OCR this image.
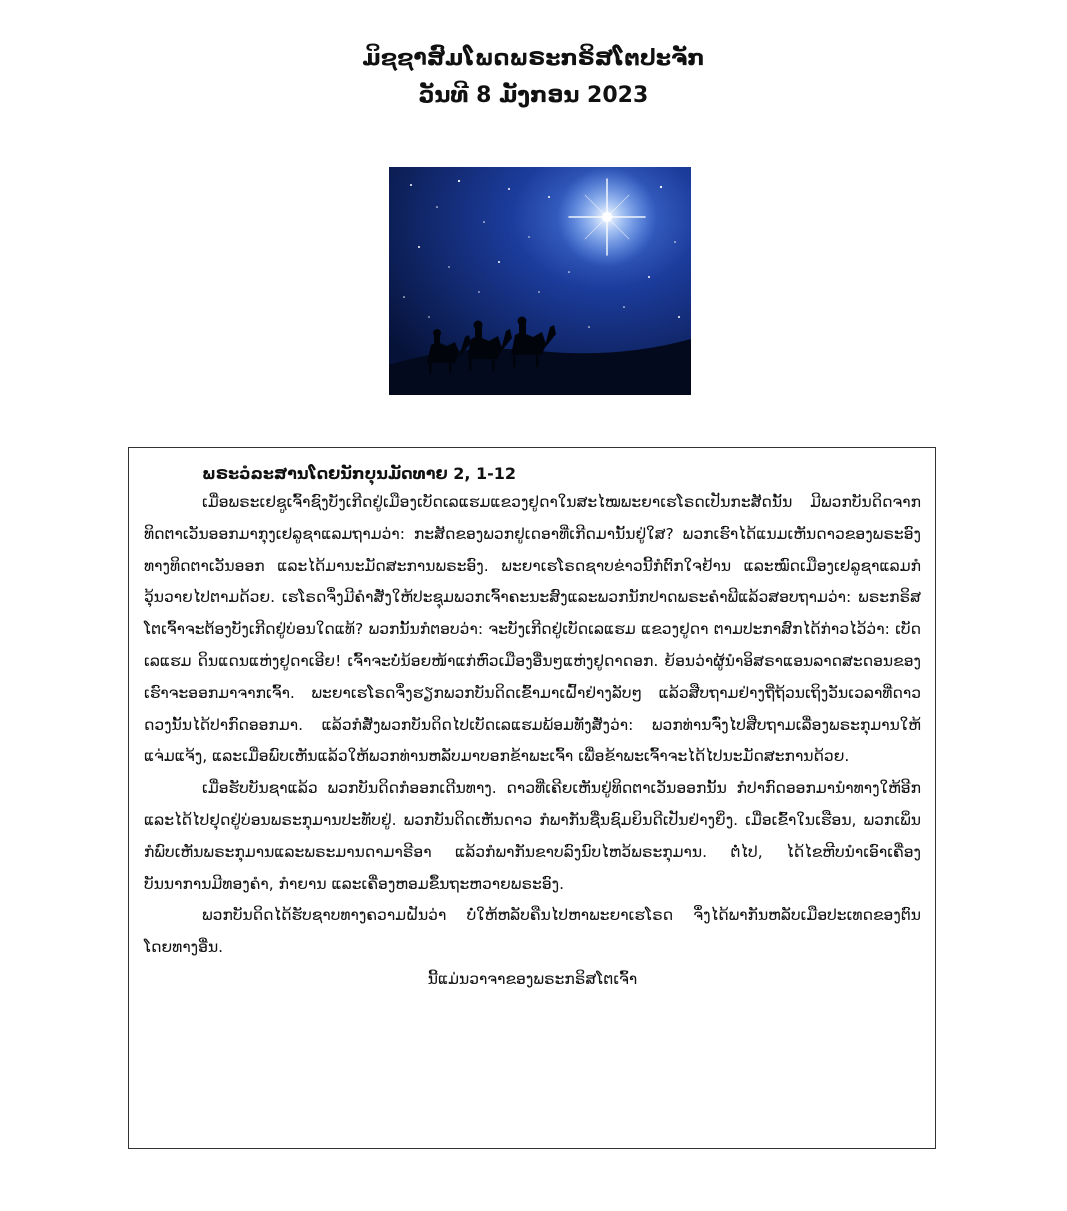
ມິຊຊາສົມໂພດພຣະກຣິສໂຕປະຈັກ
ວັນທີ 8 ມັງກອນ 2023

ພຣະວໍລະສານໂດຍນັກບຸນມັດທາຍ 2, 1-12

ເມື່ອພຣະເຢຊູເຈົ້າຊົງບັງເກີດຢູ່ເມືອງເບັດເລແຮມແຂວງຢູດາໃນສະໄໝພະຍາເຮໂຣດເປັນກະສັດນັ້ນ ມີພວກບັນດິດຈາກທິດຕາເວັນອອກມາກຸງເຢລູຊາແລມຖາມວ່າ: ກະສັດຂອງພວກຢູເດອາທີ່ເກີດມານັ້ນຢູ່ໃສ? ພວກເຮົາໄດ້ແນມເຫັນດາວຂອງພຣະອົງທາງທິດຕາເວັນອອກ ແລະໄດ້ມານະມັດສະການພຣະອົງ. ພະຍາເຮໂຣດຊາບຂ່າວນີ້ກໍຕົກໃຈຢ້ານ ແລະໝົດເມືອງເຢລູຊາແລມກໍວຸ້ນວາຍໄປຕາມດ້ວຍ. ເຮໂຣດຈຶ່ງມີຄຳສັ່ງໃຫ້ປະຊຸມພວກເຈົ້າຄະນະສົງແລະພວກນັກປາດພຣະຄຳພີແລ້ວສອບຖາມວ່າ: ພຣະກຣິສໂຕເຈົ້າຈະຕ້ອງບັງເກີດຢູ່ບ່ອນໃດແທ້? ພວກນັ້ນກໍຕອບວ່າ: ຈະບັງເກີດຢູ່ເບັດເລແຮມ ແຂວງຢູດາ ຕາມປະກາສົກໄດ້ກ່າວໄວ້ວ່າ: ເບັດເລແຮມ ດິນແດນແຫ່ງຢູດາເອີຍ! ເຈົ້າຈະບໍ່ນ້ອຍໜ້າແກ່ຫົວເມືອງອື່ນໆແຫ່ງຢູດາດອກ. ຍ້ອນວ່າຜູ້ນຳອິສຣາແອນລາດສະດອນຂອງເຮົາຈະອອກມາຈາກເຈົ້າ. ພະຍາເຮໂຣດຈຶ່ງຮຽກພວກບັນດິດເຂົ້າມາເຝົ້າຢ່າງລັບໆ ແລ້ວສືບຖາມຢ່າງຖີ່ຖ້ວນເຖິງວັນເວລາທີ່ດາວດວງນັ້ນໄດ້ປາກົດອອກມາ. ແລ້ວກໍສັ່ງພວກບັນດິດໄປເບັດເລແຮມພ້ອມທັງສັ່ງວ່າ: ພວກທ່ານຈົ່ງໄປສືບຖາມເລື່ອງພຣະກຸມານໃຫ້ແຈ່ມແຈ້ງ, ແລະເມື່ອພົບເຫັນແລ້ວໃຫ້ພວກທ່ານຫລັບມາບອກຂ້າພະເຈົ້າ ເພື່ອຂ້າພະເຈົ້າຈະໄດ້ໄປນະມັດສະການດ້ວຍ.

ເມື່ອຮັບບັນຊາແລ້ວ ພວກບັນດິດກໍອອກເດີນທາງ. ດາວທີ່ເຄີຍເຫັນຢູ່ທິດຕາເວັນອອກນັ້ນ ກໍປາກົດອອກມານຳທາງໃຫ້ອີກແລະໄດ້ໄປຢຸດຢູ່ບ່ອນພຣະກຸມານປະທັບຢູ່. ພວກບັນດິດເຫັນດາວ ກໍພາກັນຊື່ນຊົມຍິນດີເປັນຢ່າງຍິ່ງ. ເມື່ອເຂົ້າໃນເຮືອນ, ພວກເພິ່ນກໍພົບເຫັນພຣະກຸມານແລະພຣະມານດາມາຣີອາ ແລ້ວກໍພາກັນຂາບລົງນົບໄຫວ້ພຣະກຸມານ. ຕໍ່ໄປ, ໄດ້ໄຂຫີບນຳເອົາເຄື່ອງບັນນາການມີທອງຄຳ, ກຳຍານ ແລະເຄື່ອງຫອມຂຶ້ນຖະຫວາຍພຣະອົງ.

ພວກບັນດິດໄດ້ຮັບຊາບທາງຄວາມຝັນວ່າ ບໍ່ໃຫ້ຫລັບຄືນໄປຫາພະຍາເຮໂຣດ ຈຶ່ງໄດ້ພາກັນຫລັບເມືອປະເທດຂອງຕົນໂດຍທາງອື່ນ.

ນີ້ແມ່ນວາຈາຂອງພຣະກຣິສໂຕເຈົ້າ
